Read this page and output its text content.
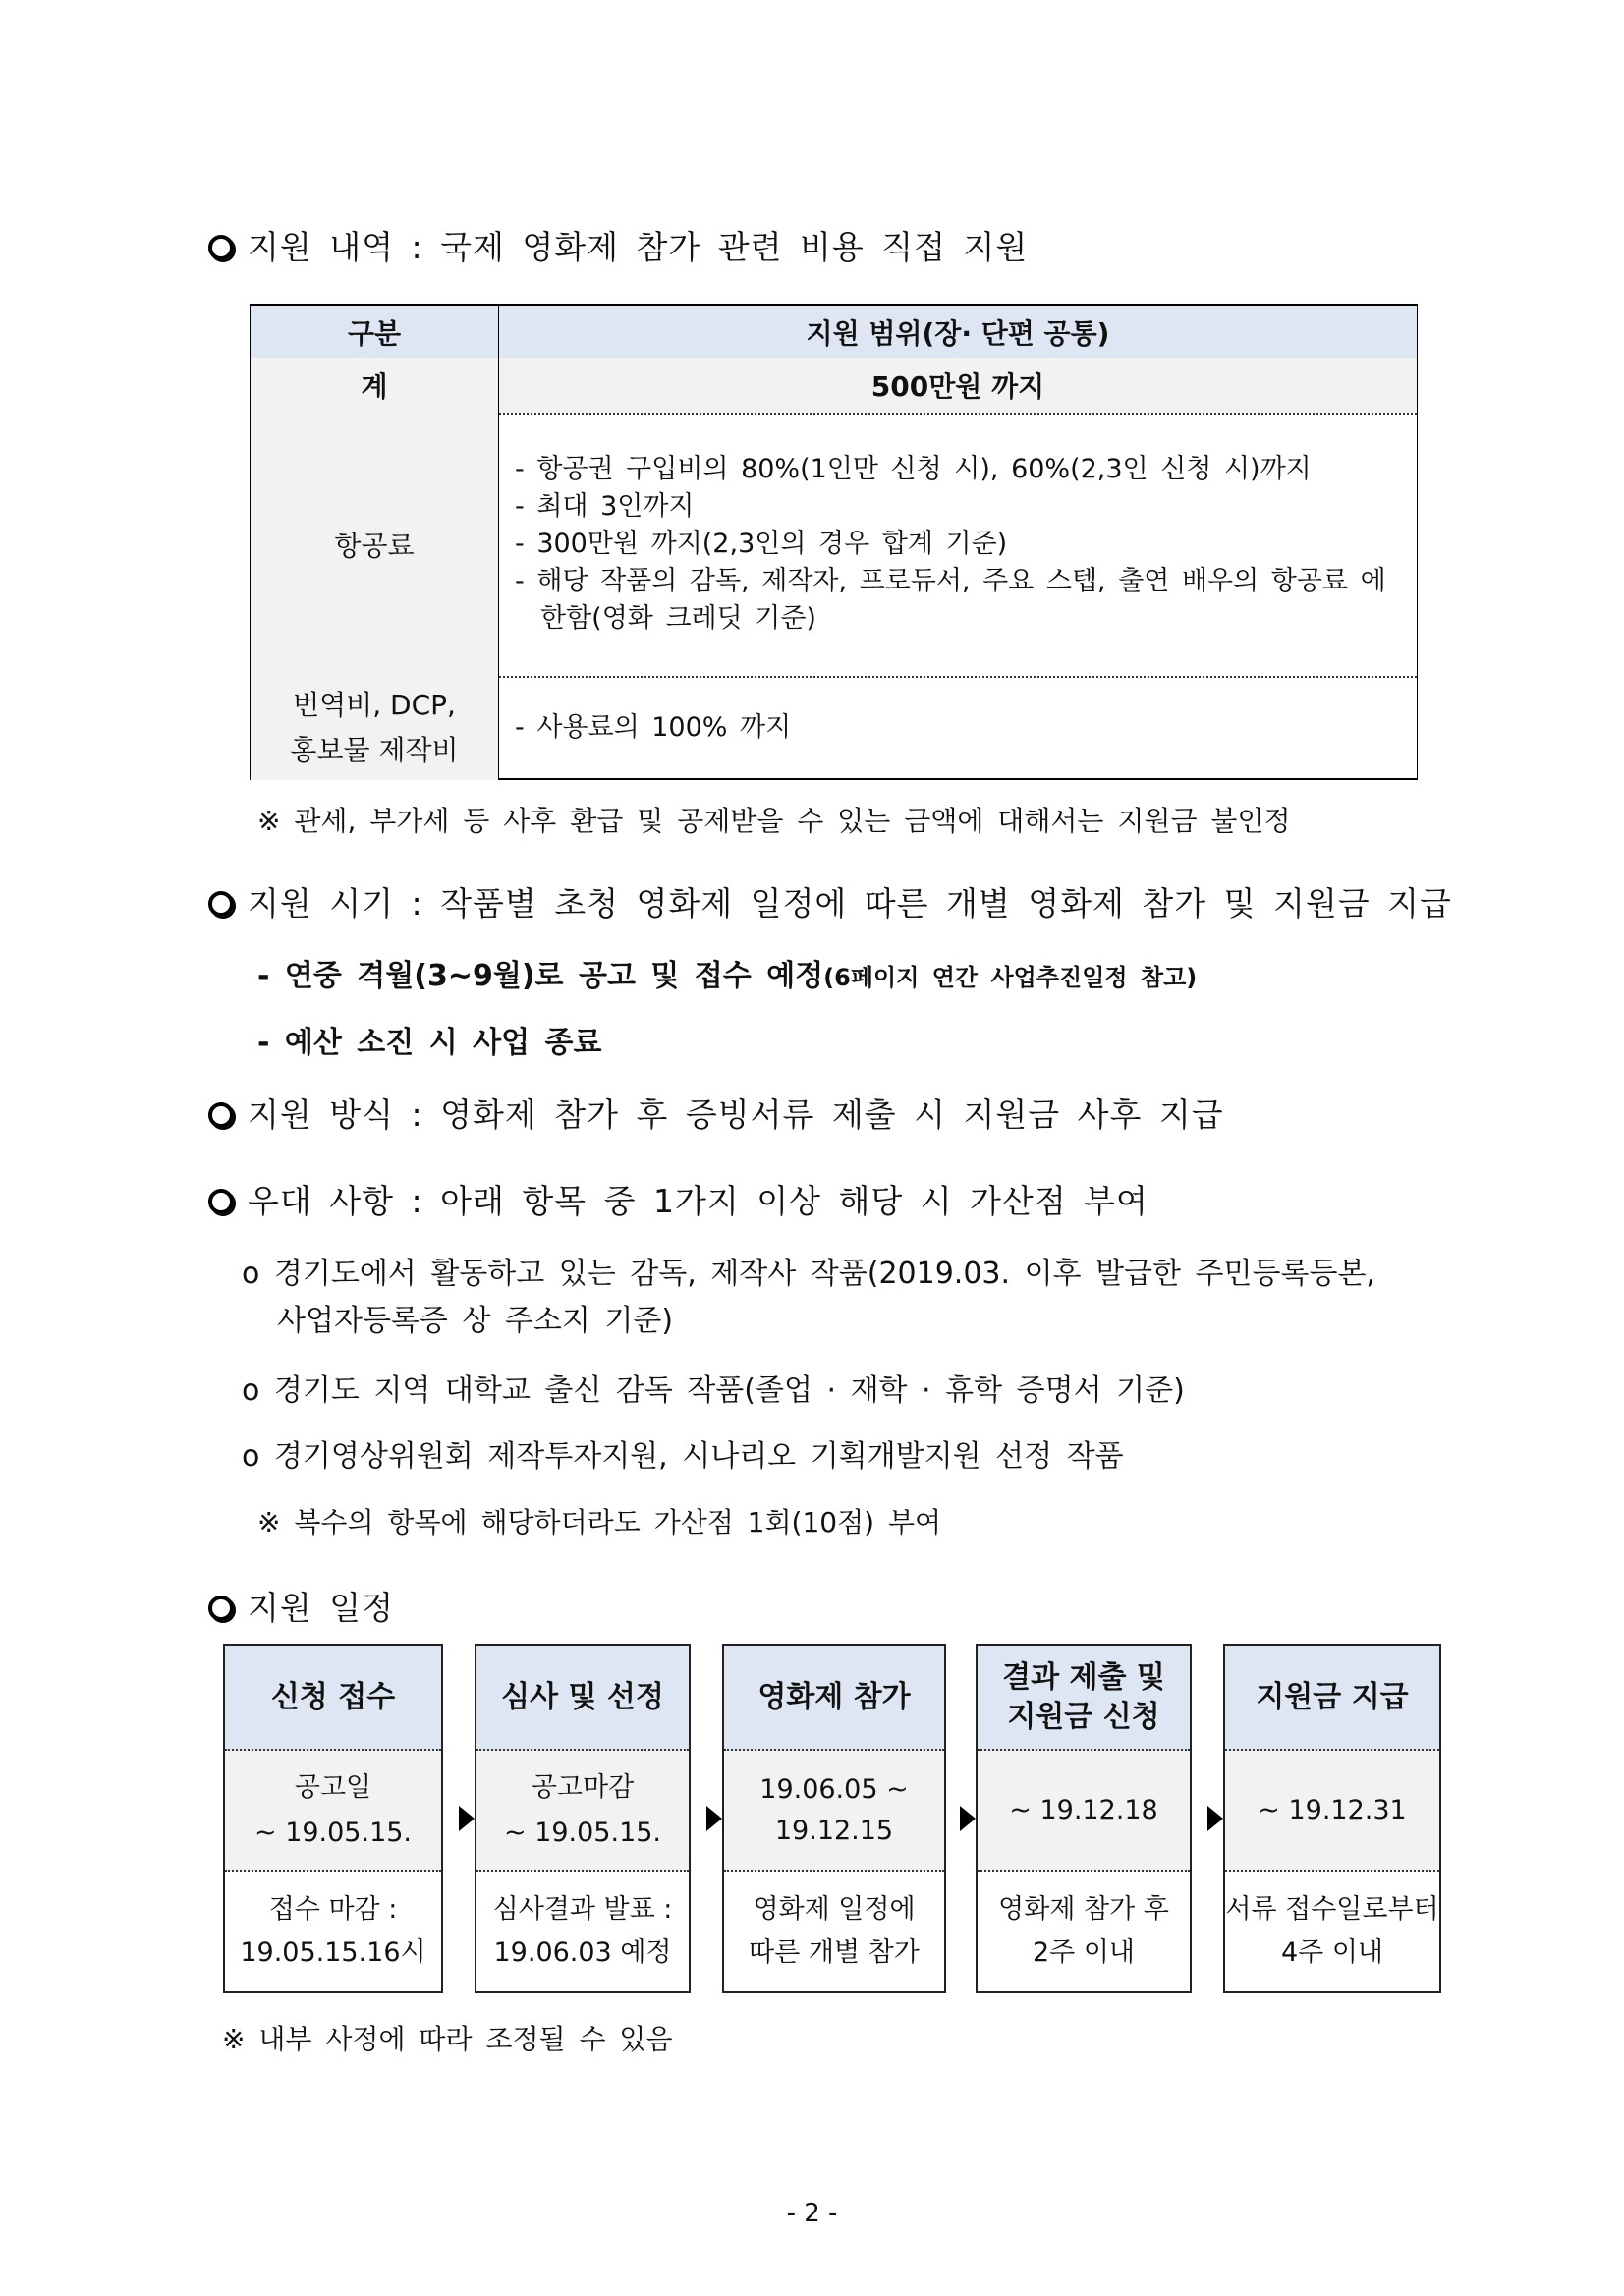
지원 내역 : 국제 영화제 참가 관련 비용 직접 지원
구분	지원 범위(장· 단편 공통)
계	500만원 까지
항공료
- 항공권 구입비의 80%(1인만 신청 시), 60%(2,3인 신청 시)까지
- 최대 3인까지
- 300만원 까지(2,3인의 경우 합계 기준)
- 해당 작품의 감독, 제작자, 프로듀서, 주요 스텝, 출연 배우의 항공료 에 한함(영화 크레딧 기준)
번역비, DCP,
홍보물 제작비
- 사용료의 100% 까지
※ 관세, 부가세 등 사후 환급 및 공제받을 수 있는 금액에 대해서는 지원금 불인정
지원 시기 : 작품별 초청 영화제 일정에 따른 개별 영화제 참가 및 지원금 지급
- 연중 격월(3~9월)로 공고 및 접수 예정(6페이지 연간 사업추진일정 참고)
- 예산 소진 시 사업 종료
지원 방식 : 영화제 참가 후 증빙서류 제출 시 지원금 사후 지급
우대 사항 : 아래 항목 중 1가지 이상 해당 시 가산점 부여
o 경기도에서 활동하고 있는 감독, 제작사 작품(2019.03. 이후 발급한 주민등록등본,
사업자등록증 상 주소지 기준)
o 경기도 지역 대학교 출신 감독 작품(졸업 · 재학 · 휴학 증명서 기준)
o 경기영상위원회 제작투자지원, 시나리오 기획개발지원 선정 작품
※ 복수의 항목에 해당하더라도 가산점 1회(10점) 부여
지원 일정
신청 접수
공고일
~ 19.05.15.
접수 마감 :
19.05.15.16시
심사 및 선정
공고마감
~ 19.05.15.
심사결과 발표 :
19.06.03 예정
영화제 참가
19.06.05 ~
19.12.15
영화제 일정에
따른 개별 참가
결과 제출 및
지원금 신청
~ 19.12.18
영화제 참가 후
2주 이내
지원금 지급
~ 19.12.31
서류 접수일로부터
4주 이내
※ 내부 사정에 따라 조정될 수 있음
- 2 -
